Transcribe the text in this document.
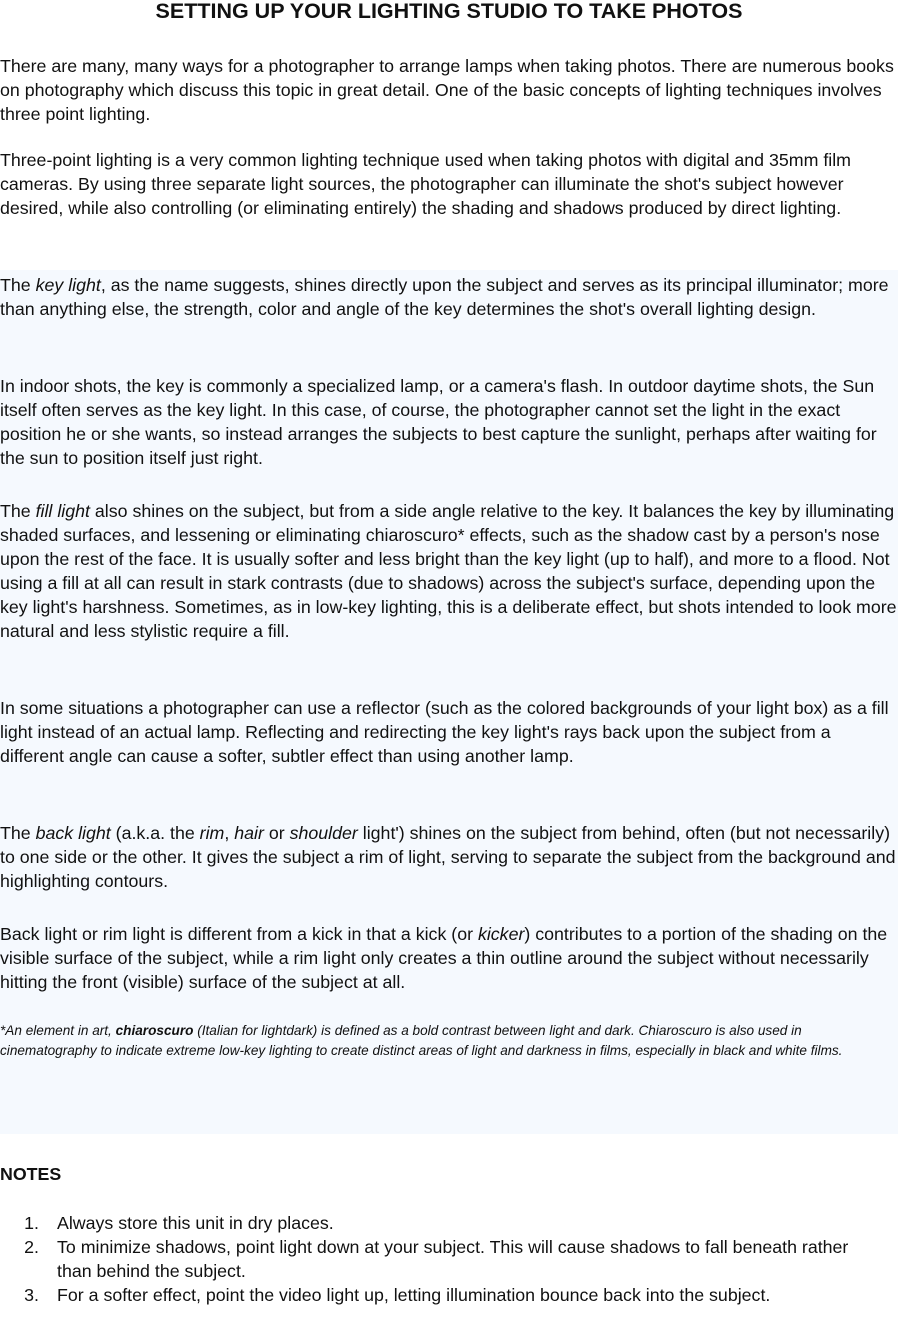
SETTING UP YOUR LIGHTING STUDIO TO TAKE PHOTOS

There are many, many ways for a photographer to arrange lamps when taking photos. There are numerous books on photography which discuss this topic in great detail. One of the basic concepts of lighting techniques involves three point lighting.

Three-point lighting is a very common lighting technique used when taking photos with digital and 35mm film cameras. By using three separate light sources, the photographer can illuminate the shot's subject however desired, while also controlling (or eliminating entirely) the shading and shadows produced by direct lighting.

The key light, as the name suggests, shines directly upon the subject and serves as its principal illuminator; more than anything else, the strength, color and angle of the key determines the shot's overall lighting design.

In indoor shots, the key is commonly a specialized lamp, or a camera's flash. In outdoor daytime shots, the Sun itself often serves as the key light. In this case, of course, the photographer cannot set the light in the exact position he or she wants, so instead arranges the subjects to best capture the sunlight, perhaps after waiting for the sun to position itself just right.

The fill light also shines on the subject, but from a side angle relative to the key. It balances the key by illuminating shaded surfaces, and lessening or eliminating chiaroscuro* effects, such as the shadow cast by a person's nose upon the rest of the face. It is usually softer and less bright than the key light (up to half), and more to a flood. Not using a fill at all can result in stark contrasts (due to shadows) across the subject's surface, depending upon the key light's harshness. Sometimes, as in low-key lighting, this is a deliberate effect, but shots intended to look more natural and less stylistic require a fill.

In some situations a photographer can use a reflector (such as the colored backgrounds of your light box) as a fill light instead of an actual lamp. Reflecting and redirecting the key light's rays back upon the subject from a different angle can cause a softer, subtler effect than using another lamp.

The back light (a.k.a. the rim, hair or shoulder light') shines on the subject from behind, often (but not necessarily) to one side or the other. It gives the subject a rim of light, serving to separate the subject from the background and highlighting contours.

Back light or rim light is different from a kick in that a kick (or kicker) contributes to a portion of the shading on the visible surface of the subject, while a rim light only creates a thin outline around the subject without necessarily hitting the front (visible) surface of the subject at all.

*An element in art, chiaroscuro (Italian for lightdark) is defined as a bold contrast between light and dark. Chiaroscuro is also used in cinematography to indicate extreme low-key lighting to create distinct areas of light and darkness in films, especially in black and white films.

NOTES
1.	Always store this unit in dry places.
2.	To minimize shadows, point light down at your subject. This will cause shadows to fall beneath rather than behind the subject.
3.	For a softer effect, point the video light up, letting illumination bounce back into the subject.
